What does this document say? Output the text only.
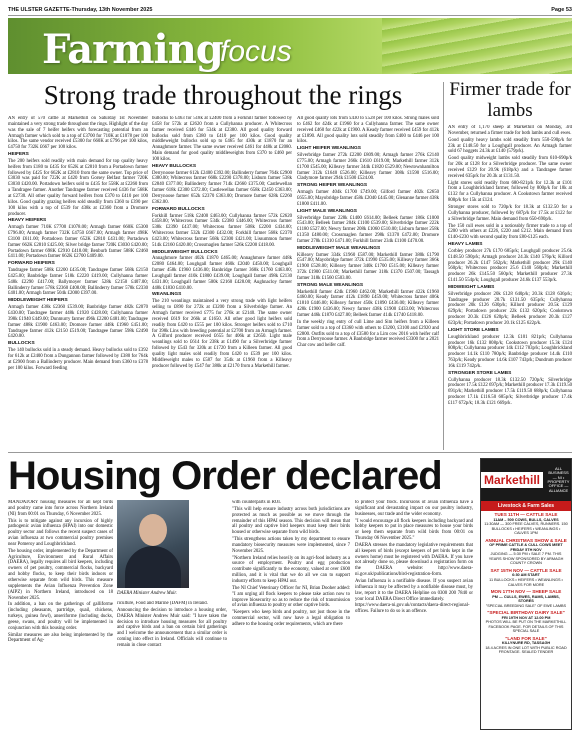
THE ULSTER GAZETTE-Thursday, 13th November 2025	Page 53
Farming
focus
Strong trade throughout the rings	Firmer trade for lambs

AN entry of 570 cattle at Markethill on Saturday 1st November maintained a very strong trade throughout the rings. Highlight of the day was the sale of 7 heifer heifers with forecasting potential from an Armagh farmer which sold to a top of £3700 for 710K at £1078 per 100 kilos. The same vendor received £5300 for 660K at £796 per 100 kilos, £4750 for 732K £667 per 100 kilos.

HEIFERS

The 200 heifers sold readily with main demand for top quality heavy heifers from £180 to £435 for 652K at £2810 from a Portadown farmer followed by £425 for 662K at £2810 from the same owner. Top price of £3030 was paid for 722K at £420 from Gorsey Belfast farmer 720K £3030 £420.00. Portadown heifers sold to £435 for 558K at £2260 from a Tandragee farmer. Another Tandragee farmer received £436 for 568K at £2730. All other quality forward heifers from £370 to £410 per 100 kilos. Good quality grazing heifers sold steadily from £360 to £390 per 100 kilos with a top of £539 for 438k at £2360 from a Dromore producer.

HEAVY HEIFERS

Armagh farmer 710K £7700 £1078.00; Armagh farmer 660K £5300 £796.00; Armagh farmer 732K £4750 £667.00; Armagh farmer 498K £3100 £611.00; Portadown farmer 652K £2810 £431.00; Portadown farmer 662K £2810 £425.00; Silver bridge farmer 720K £3030 £420.00; Portadown farmer 698K £2910 £418.00; Benburb farmer 588K £2460 £411.00; Portadown farmer 662K £2700 £409.00.

FORWARD HEIFERS

Tandragee farmer 508k £2200 £435.00; Tandragee farmer 568k £2150 £425.00; Banbridge farmer 518k £2220 £419.00; Cullyhanna farmer 548k £2290 £417.00; Ballymoyer farmer 528k £2150 £407.00; Ballinderry farmer 578k £2360 £408.00; Ballinderry farmer 578k £2330 £401.00; Armagh farmer 504k £2000 £397.00.

MIDDLEWEIGHT HEIFERS

Armagh farmer 438k £2360 £539.00; Banbridge farmer 482k £2070 £430.00; Tandragee farmer 448k £1920 £428.00; Cullyhanna farmer 398k £1940 £449.00; Dunmurry farmer 496k £2200 £481.00; Tandragee farmer 488k £1900 £463.00; Dromore farmer 448k £1960 £451.00; Tandragee farmer 412k £2150 £519.00; Tandragee farmer 598k £2490 £420.00.

BULLOCKS

The 140 bullocks sold in a steady demand. Heavy bullocks sold to £392 for 612k at £2400 from a Dungannon farmer followed by £380 for 764k at £2900 from a Ballinderry producer. Main demand from £360 to £378 per 100 kilos. Forward feeding

bullocks to £463 for 518k at £2400 from a Forkhill farmer followed by £458 for 572k at £2620 from a Cullyhanna producer. A Whitecross farmer received £446 for 534k at £2380. All good quality forward bullocks sold from £380 to £410 per 100 kilos. Good quality middleweight bullocks sold up to £465 for 430k at £1870 for an Annaghmore farmer. The same owner received £461 for 448k at £2080. Main demand for good quality middleweights from £370 to £460 per 100 kilos.

HEAVY BULLOCKS

Derrynoose farmer 612k £2400 £392.00; Ballinderry farmer 764k £2900 £380.00; Whitecross farmer 668k £2290 £378.00; Lisburn farmer 538k £2840 £377.00; Ballinderry farmer 714k £2660 £375.00; Castlewellan farmer 618k £2300 £372.00; Castlewellan farmer 658k £2450 £363.00; Derrynoose farmer 652k £2370 £363.00; Dromore farmer 628k £2260 £362.00.

FORWARD BULLOCKS

Forkhill farmer 518k £2400 £463.00; Cullyhanna farmer 572k £2620 £458.00; Whitecross farmer 534k £2380 £446.00; Whitecross farmer 538k £2390 £437.00; Whitecross farmer 508k £2200 £434.00; Whitecross farmer 532k £2300 £432.00; Forkhill farmer 568k £2370 £423.00; Whitecross farmer 568k £2300 £421.00; Lissummon farmer 514k £2160 £420.00; Crossmaglen farmer 526k £2200 £418.00.

MIDDLEWEIGHT BULLOCKS

Annaghmore farmer 402k £1870 £465.00; Annaghmore farmer 448k £2080 £464.00; Loughgall farmer 460k £2040 £450.00; Loughgall farmer 458k £1960 £436.00; Banbridge farmer 368k £1760 £463.00; Loughgall farmer 410k £1800 £439.00; Loughgall farmer 498k £2130 £431.00; Loughgall farmer 500k £2160 £428.00; Aughnacloy farmer 448k £1830 £410.00.

WEANLINGS

The 210 weanlings maintained a very strong trade with light heifers selling to £890 for 272k at £3200 from a Silverbridge farmer. An Armagh farmer received £775 for 276k at £2140. The same owner received £619 for 266k at £1650. All other good light heifers sold readily from £420 to £555 per 100 kilos. Stronger heifers sold to £710 for 398k Lins with breeding potential at £2700 from an Armagh farmer. A Gilford producer received £655 for 406k at £2650. Light male weanlings sold to £614 for 238k at £1490 for a Silverbridge farmer followed by £543 for 320k at £1720 from a Killeen farmer. All good quality light males sold readily from £420 to £539 per 100 kilos. Middleweight males to £587 for 354k at £1960 from a Killeavy producer followed by £547 for 380k at £2170 from a Markethill farmer.

All good quality lots from £430 to £528 per 100 kilos. Strong males sold to £462 for 424k at £1960 for a Cullyhanna farmer. The same owner received £460 for 422k at £1900. A Keady farmer received £459 for 412k at £1890. All good quality lots sold steadily from £400 to £446 per 100 kilos.

LIGHT HEIFER WEANLINGS

Silverbridge farmer 272k £2200 £809.00; Armagh farmer 276k £2140 £775.00; Armagh farmer 266k £1610 £619.00; Markethill farmer 312k £1700 £545.00; Killeavy farmer 344k £1820 £529.00; Newtownhamilton farmer 312k £1640 £526.00; Killeavy farmer 308k £1590 £516.00; Cladymore farmer 294k £1500 £524.00.

STRONG HEIFER WEANLINGS

Armagh farmer 404k £1700 £749.00; Gilford farmer 402k £2650 £655.00; Mayobridge farmer 458k £2040 £445.00; Glenanne farmer 438k £1800 £411.00.

LIGHT MALE WEANLINGS

Silverbridge farmer 228k £1400 £614.00; Belleek farmer 186k £1000 £543.00; Belleek farmer 204k £1100 £539.00; Silverbridge farmer 222k £1180 £527.00; Newry farmer 208k £1060 £510.00; Lisburn farmer 258k £1350 £480.00; Crossmaglen farmer 298k £1370 £472.00; Dromore farmer 278k £1310 £471.00; Forkhill farmer 234k £1100 £470.00.

MIDDLEWEIGHT MALE WEANLINGS

Killeavy farmer 334k £1960 £587.00; Markethill farmer 380k £1790 £547.00; Mayobridge farmer 372k £1990 £535.00; Killeavy farmer 366k £1900 £528.00; Killeavy farmer 340k £1700 £515.00; Killeavy farmer 372k £1900 £511.00; Markethill farmer 318k £1370 £507.00; Tassagh farmer 318k £1560 £503.00.

STRONG MALE WEANLINGS

Markethill farmer 424k £1960 £462.00; Markethill farmer 422k £1960 £460.00; Keady farmer 412k £1890 £459.00; Whitecross farmer 406k £1810 £446.00; Killeavy farmer 450k £1890 £436.00; Killeavy farmer 428k £1900 £436.00; Newry farmer 438k £1900 £433.00; Whitecross farmer 446k £1870 £427.00; Belleek farmer 414k £1740 £418.00.

In the weekly ring entry of cull Lime and Sim heifers from a Killeen farmer sold to a top of £3360 with others to £3200, £3100 and £2920 and £2800. Outfits sold to a top of £3580 for a Lim cow 2016 with heifer calf from a Derrynoose farmer. A Banbridge farmer received £3300 for a 2021 Char cow and heifer calf.

AN entry of 1,170 sheep at Markethill on Monday, 3rd November, returned a firmer trade for both lambs and cull ewes.

Good quality heavy lambs sold steadily from 550-590p/k for 23k at £148.50 for a Loughgall producer. An Armagh farmer sold 67 hoggets 24.3k at £140 (579p/k).

Good quality midweight lambs sold steadily from 610-690p/k for 20k at £128 for a Silverbridge producer. The same owner received £129 for 20.9k (618p/k) and a Tandragee farmer received 635p/k for 20.3k at £131.50.

Light stores sold readily from 680-821p/k for 12.3k at £101 from a Loughbrickland farmer, followed by 800p/k for 18k at £132 for a Cullyhanna producer. A Cookstown farmer received 808p/k for 15k at £124.

Stronger stores sold to 720p/k for 18.3k at £132.50 for a Cullyhanna producer, followed by 687p/k for 17.5k at £122 for a Silverbridge farmer. Main demand from 650-690p/k.

The 150 cull ewes sold in a noticeably firmer trade to a top of £200 with others at £226, £220 and £212. Main demand from £140-£230 with second quality from £80-£125 each.

HEAVY LAMBS

Corbley producer 27k £170 685p/k; Loughgall producer 25.6k £148.50 590p/k; Armagh producer 24.3k £140 576p/k; Killord producer 26.2k £147 562p/k; Markethill producer 29k £140 560p/k; Whitecross producer 25.6 £140 560p/k; Markethill producer 26k £145.50 560p/k; Markethill producer 27.3k £141.50 554p/k; Loughgall producer 24.6k £137 553p/k.

MIDWEIGHT LAMBS

Silverbridge producer 20k £128 640p/k; 20.3k £128 636p/k; Tandragee producer 20.7k £131.50 635p/k; Cullyhanna producer 20k £126 630p/k; Killord producer 20.5k £129 629p/k; Portadown producer 22k £132 620p/k; Cookstown producer 20.3k £126 620p/k; Belleek producer 20.3k £127 623p/k; Portadown producer 20.1k £125 622p/k.

LIGHT STORE LAMBS

Loughbrickland producer 12.3k £101 821p/k; Cullyhanna producer 16k £132 808p/k; Cookstown producer 15.3k £124 808p/k; Cullyhanna producer 14k £112 783p/k; Loughbrickland producer 14.1k £110 780p/k; Banbridge producer 14.4k £110 763p/k; Keady producer 14.6k £107 743p/k; Dundrum producer 16k £119 742p/k.

STRONGER STORE LAMBS

Cullyhanna producer 18.3k £132.50 720p/k; Silverbridge producer 17.5k £122 697p/k; Markethill producer 17.3k £119.50 691p/k; Markethill producer 17.5k £119.50 688p/k; Cullyhanna producer 17.1k £116.50 685p/k; Silverbridge producer 17.4k £117 672p/k; 18.3k £121 669p/k.

Housing Order declared

MANDATORY housing measures for all kept birds and poultry came into force across Northern Ireland (NI) from 00:01 on Thursday, 6 November 2025.

This is to mitigate against any incursion of highly pathogenic avian influenza (HPAI) into our domestic poultry sector and follows the recent suspect cases of avian influenza at two commercial poultry premises near Pomeroy and Loughbrickland.

The housing order, implemented by the Department of Agriculture, Environment and Rural Affairs (DAERA), legally requires all bird keepers, including owners of pet poultry, commercial flocks, backyard and hobby flocks, to keep their birds indoors or otherwise separate from wild birds. This measure supplements the Avian Influenza Prevention Zone (AIPZ) in Northern Ireland, introduced on 18 November 2025.

In addition, a ban on the gatherings of galliforme (including pheasants, partridge, quail, chickens, turkeys, guinea fowl), anseriforme (including ducks, geese, swans, and poultry will be implemented in conjunction with this housing order.

Similar measures are also being implemented by the Department of Ag-

DAERA Minister Andrew Muir.

riculture, Food and Marine (DAFM) in Ireland.

Announcing the decision to introduce a housing order, DAERA Minister Andrew Muir said: "I have taken the decision to introduce housing measures for all poultry and captive birds and a ban on certain bird gatherings and I welcome the announcement that a similar order is coming into effect in Ireland. Officials will continue to remain in close contact

with counterparts in ROI.

"This will help ensure industry across both jurisdictions are protected as much as possible as we move through the remainder of this HPAI season. This decision will mean that all poultry and captive bird keepers must keep their birds housed or otherwise separate from wild birds.

"This strengthens actions taken by my department to ensure mandatory biosecurity measures were implemented, since 7 November 2025.

"Northern Ireland relies heavily on its agri-food industry as a source of employment. Poultry and egg production contribute significantly to the economy, valued at over £600 million, and it is vital that we do all we can to support industry efforts to keep HPAI out.

The NI Chief Veterinary Officer for NI, Brian Dooher added: "I am urging all flock keepers to please take action now to improve biosecurity so as to reduce the risk of transmission of avian influenza to poultry or other captive birds.

"Keepers who keep birds and poultry, not just those in the commercial sector, will now have a legal obligation to adhere to the housing order requirements, which are there

to protect your flock. Incursions of avian influenza have a significant and devastating impact on our poultry industry, businesses, our trade and the wider economy.

"I would encourage all flock keepers including backyard and hobby keepers to put in place measures to house your birds or keep them separate from wild birds from 00:01 on Thursday 06 November 2025."

DAERA stresses the mandatory legislative requirements that all keepers of birds (except keepers of pet birds kept in the owners home) must be registered with DAERA. If you have not already done so, please download a registration form on the DAERA website: http://www.daera-ni.gov.uk/publications/bird-registration-form.

Avian Influenza is a notifiable disease. If you suspect avian influenza it may be affected by a notifiable disease must, by law, report it to the DAERA Helpline on 0300 200 7840 or your local DAERA Direct Office immediately.

https://www.daera-ni.gov.uk/contacts/daera-direct-regional-offices. Failure to do so is an offence.

Markethill
ALL BUSINESS — NI • PROPERTY OFFICE — ALLIANCE
Livestock & Farm Sales
TUES 11TH — CATTLE SALE
11AM – 500 COWS, BULLS, CALVES
11:30AM — 300 FREE CALVES, RUNNERS. 150 BULLOCKS • HEIFERS • WEANLINGS • CALVES 1PM
ANNUAL CHRISTMAS SHOW & SALE
OF PRIME CATTLE & CULL COWS MEET FRIDAY 5TH NOV
JUDGING — 5:30 PM • SALE 7 PM. THIS YEARS SHOW SPONSORED BY ARMAGH COUNTY CROWN
SAT 15TH NOV — CATTLE SALE
6:30 AM START
11 BULLOCKS • HEIFERS • WEANLINGS • CALVES FOR MORE
MON 17TH NOV — SHEEP SALE
PM — CULLS, EWES, RAMS, LAMBS, STORES
"SPECIAL BREEDING SALE" OF EWE LAMBS
"SPECIAL BIRTHDAY DAIRY SALE"
FRI 19TH NOV AT 12.00 PM
PHOTOS WILL BE PUT ON THE MARKETHILL FACEBOOK PAGE. FOR DETAILS OF THIS SPECIAL SALE
"LAND FOR SALE"
KILLYNURE RD, TASSAGH
18.4 ACRES IN ONE LOT WITH PUBLIC ROAD FRONTAGE. SEALED TENDER
